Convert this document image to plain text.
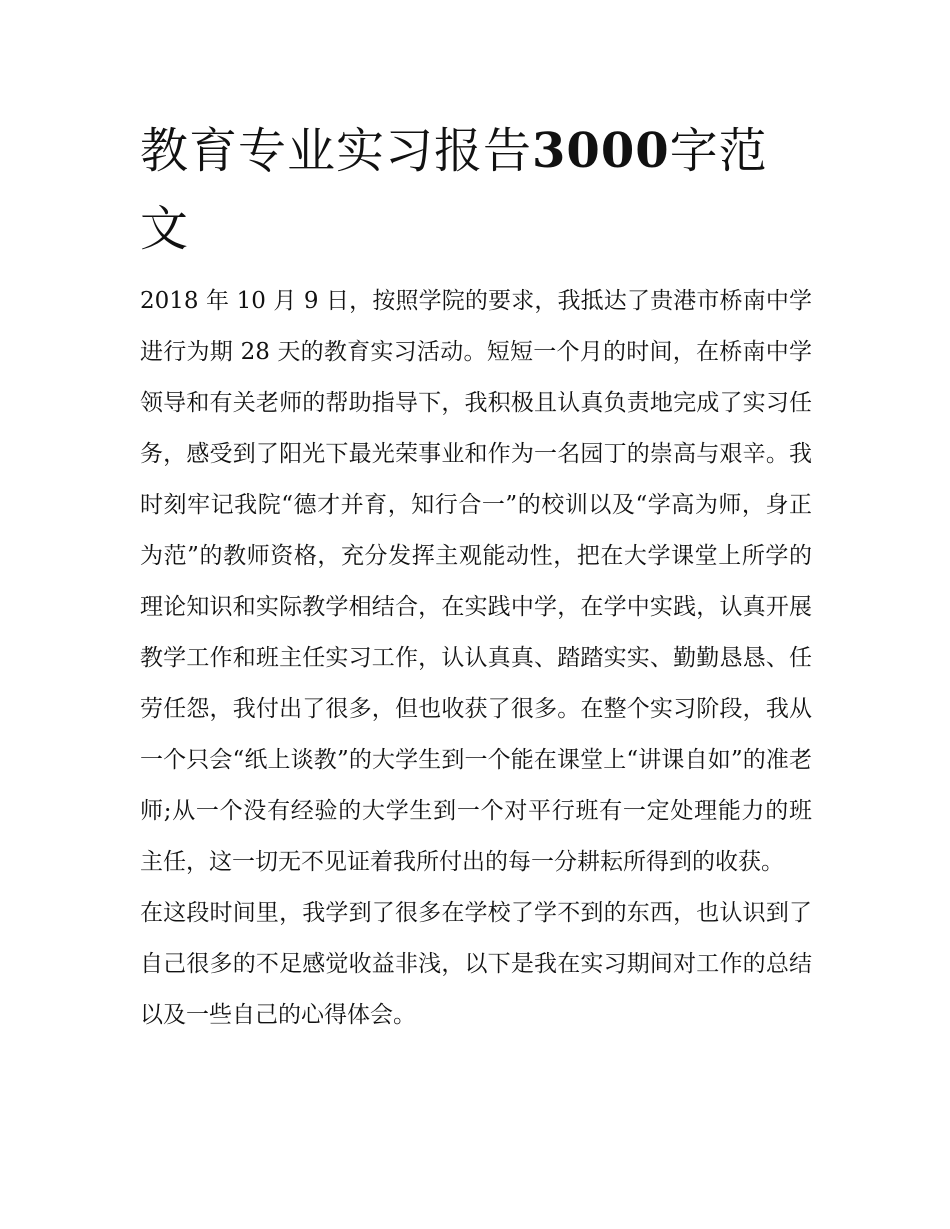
教育专业实习报告3000字范文

2018 年 10 月 9 日，按照学院的要求，我抵达了贵港市桥南中学进行为期 28 天的教育实习活动。短短一个月的时间，在桥南中学领导和有关老师的帮助指导下，我积极且认真负责地完成了实习任务，感受到了阳光下最光荣事业和作为一名园丁的崇高与艰辛。我时刻牢记我院“德才并育，知行合一”的校训以及“学高为师，身正为范”的教师资格，充分发挥主观能动性，把在大学课堂上所学的理论知识和实际教学相结合，在实践中学，在学中实践，认真开展教学工作和班主任实习工作，认认真真、踏踏实实、勤勤恳恳、任劳任怨，我付出了很多，但也收获了很多。在整个实习阶段，我从一个只会“纸上谈教”的大学生到一个能在课堂上“讲课自如”的准老师;从一个没有经验的大学生到一个对平行班有一定处理能力的班主任，这一切无不见证着我所付出的每一分耕耘所得到的收获。

在这段时间里，我学到了很多在学校了学不到的东西，也认识到了自己很多的不足感觉收益非浅，以下是我在实习期间对工作的总结以及一些自己的心得体会。
